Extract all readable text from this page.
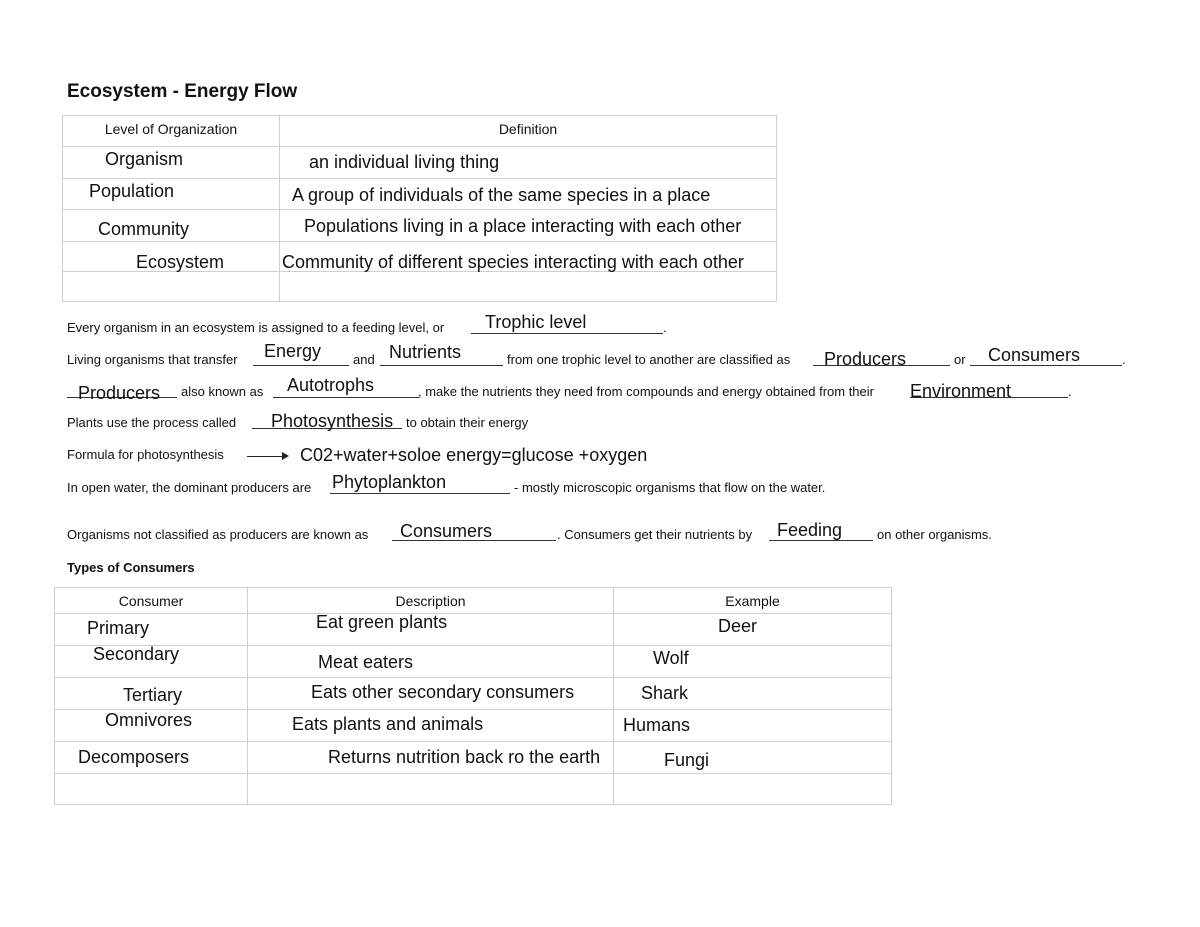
Ecosystem - Energy Flow
Level of Organization	Definition

Organism	an individual living thing

Population	A group of individuals of the same species in a place

Community	Populations living in a place interacting with each other

Ecosystem	Community of different species interacting with each other

Every organism in an ecosystem is assigned to a feeding level, or Trophic level	.
Living organisms that transfer Energy and Nutrients	from one trophic level to another are classified as Producers	or Consumers	.
Producers also known as Autotrophs	, make the nutrients they need from compounds and energy obtained from their Environment	.
Plants use the process called Photosynthesis to obtain their energy
Formula for photosynthesis	C02+water+soloe energy=glucose +oxygen
In open water, the dominant producers are Phytoplankton	- mostly microscopic organisms that flow on the water.
Organisms not classified as producers are known as Consumers	. Consumers get their nutrients by Feeding	on other organisms.
Types of Consumers
Consumer	Description	Example

Primary	Eat green plants	Deer

Secondary	Meat eaters	Wolf

Tertiary	Eats other secondary consumers	Shark

Omnivores	Eats plants and animals	Humans

Decomposers	Returns nutrition back ro the earth	Fungi
